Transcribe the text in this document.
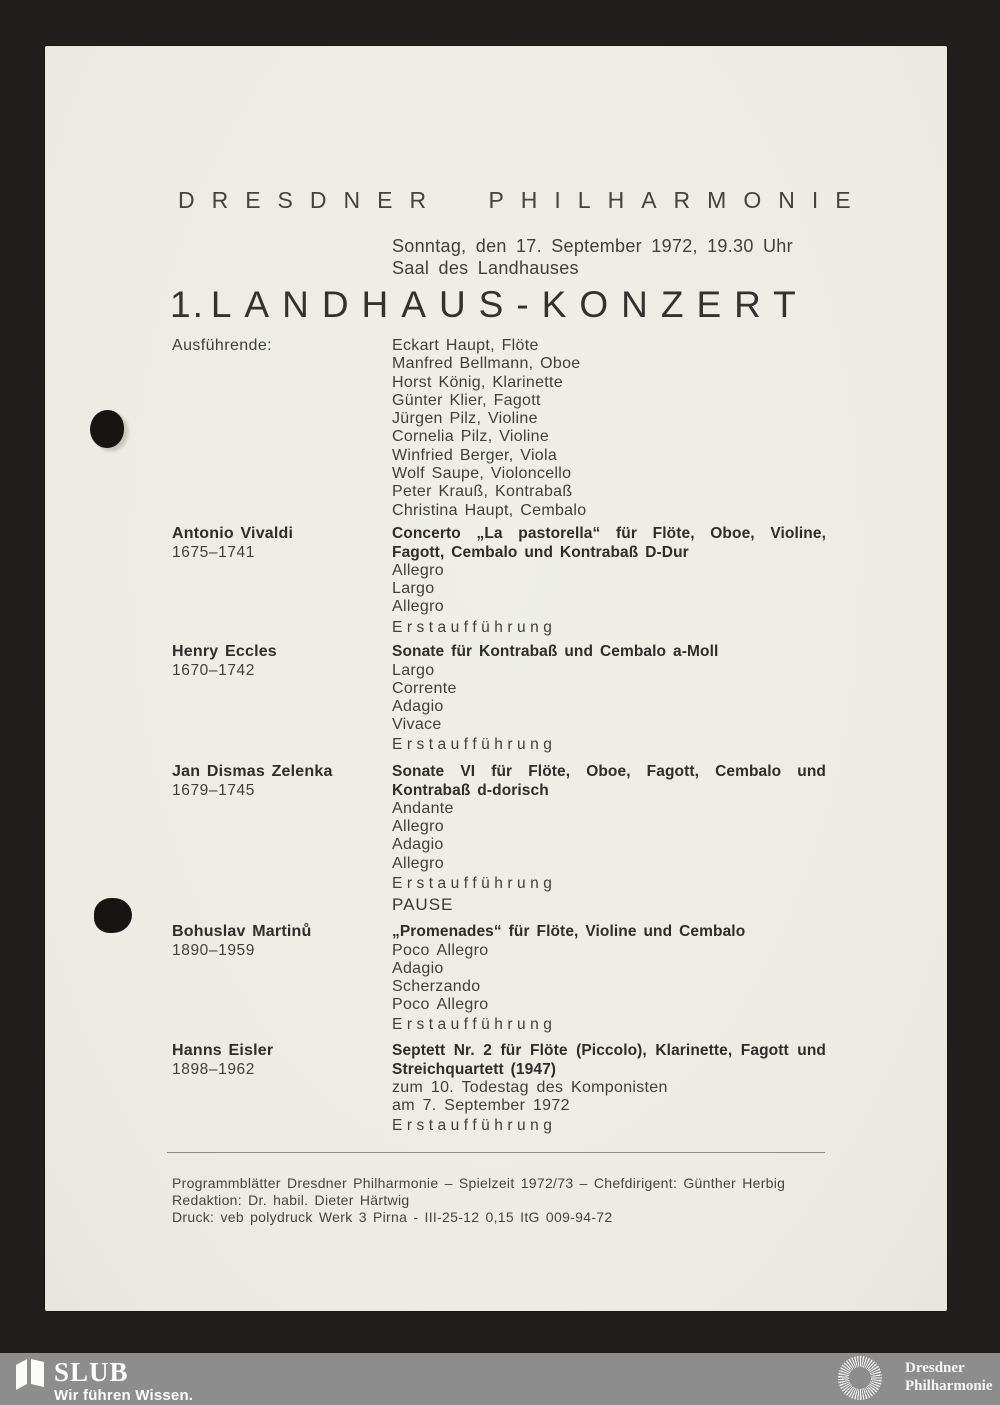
DRESDNER PHILHARMONIE
Sonntag, den 17. September 1972, 19.30 Uhr
Saal des Landhauses
1. LANDHAUS-KONZERT
Ausführende:	Eckart Haupt, Flöte
Manfred Bellmann, Oboe
Horst König, Klarinette
Günter Klier, Fagott
Jürgen Pilz, Violine
Cornelia Pilz, Violine
Winfried Berger, Viola
Wolf Saupe, Violoncello
Peter Krauß, Kontrabaß
Christina Haupt, Cembalo
Antonio Vivaldi
1675–1741
Concerto „La pastorella“ für Flöte, Oboe, Violine, Fagott, Cembalo und Kontrabaß D-Dur
Allegro
Largo
Allegro
Erstaufführung
Henry Eccles
1670–1742
Sonate für Kontrabaß und Cembalo a-Moll
Largo
Corrente
Adagio
Vivace
Erstaufführung
Jan Dismas Zelenka
1679–1745
Sonate VI für Flöte, Oboe, Fagott, Cembalo und Kontrabaß d-dorisch
Andante
Allegro
Adagio
Allegro
Erstaufführung
PAUSE
Bohuslav Martinů
1890–1959
„Promenades“ für Flöte, Violine und Cembalo
Poco Allegro
Adagio
Scherzando
Poco Allegro
Erstaufführung
Hanns Eisler
1898–1962
Septett Nr. 2 für Flöte (Piccolo), Klarinette, Fagott und Streichquartett (1947)
zum 10. Todestag des Komponisten
am 7. September 1972
Erstaufführung
Programmblätter Dresdner Philharmonie – Spielzeit 1972/73 – Chefdirigent: Günther Herbig
Redaktion: Dr. habil. Dieter Härtwig
Druck: veb polydruck Werk 3 Pirna - III-25-12 0,15 ItG 009-94-72
SLUB
Wir führen Wissen.
Dresdner
Philharmonie
